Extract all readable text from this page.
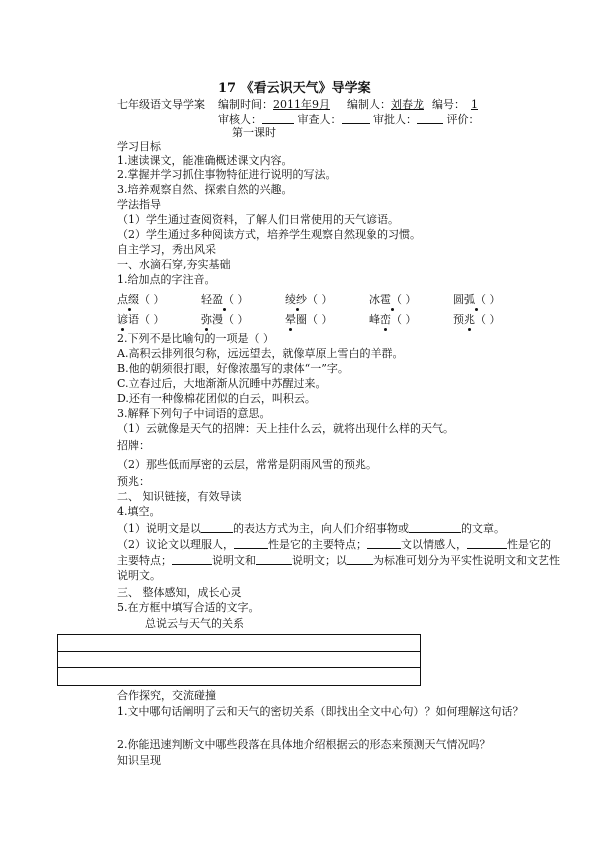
17 《看云识天气》导学案
七年级语文导学案 编制时间：2011年9月 编制人：刘春龙 编号： 1
审核人：	审查人：	审批人：	评价：
第一课时
学习目标
1.速读课文，能准确概述课文内容。
2.掌握并学习抓住事物特征进行说明的写法。
3.培养观察自然、探索自然的兴趣。
学法指导
（1）学生通过查阅资料，了解人们日常使用的天气谚语。
（2）学生通过多种阅读方式，培养学生观察自然现象的习惯。
自主学习，秀出风采
一、水滴石穿,夯实基础
1.给加点的字注音。
点缀（ ）	轻盈（ ）	绫纱（ ）	冰雹（ ）	圆弧（ ）
谚语（ ）	弥漫（ ）	晕圈（ ）	峰峦（ ）	预兆（ ）
2.下列不是比喻句的一项是（ ）
A.高积云排列很匀称，远远望去，就像草原上雪白的羊群。
B.他的朝须很打眼，好像浓墨写的隶体“一”字。
C.立春过后，大地渐渐从沉睡中苏醒过来。
D.还有一种像棉花团似的白云，叫积云。
3.解释下列句子中词语的意思。
（1）云就像是天气的招牌：天上挂什么云，就将出现什么样的天气。
招牌：
（2）那些低而厚密的云层，常常是阴雨风雪的预兆。
预兆：
二、 知识链接，有效导读
4.填空。
（1）说明文是以	的表达方式为主，向人们介绍事物或	的文章。
（2）议论文以理服人，	性是它的主要特点；	文以情感人，	性是它的
主要特点；	说明文和	说明文；以 为标准可划分为平实性说明文和文艺性
说明文。
三、 整体感知，成长心灵
5.在方框中填写合适的文字。
总说云与天气的关系
合作探究，交流碰撞
1.文中哪句话阐明了云和天气的密切关系（即找出全文中心句）？如何理解这句话？
2.你能迅速判断文中哪些段落在具体地介绍根据云的形态来预测天气情况吗？
知识呈现
